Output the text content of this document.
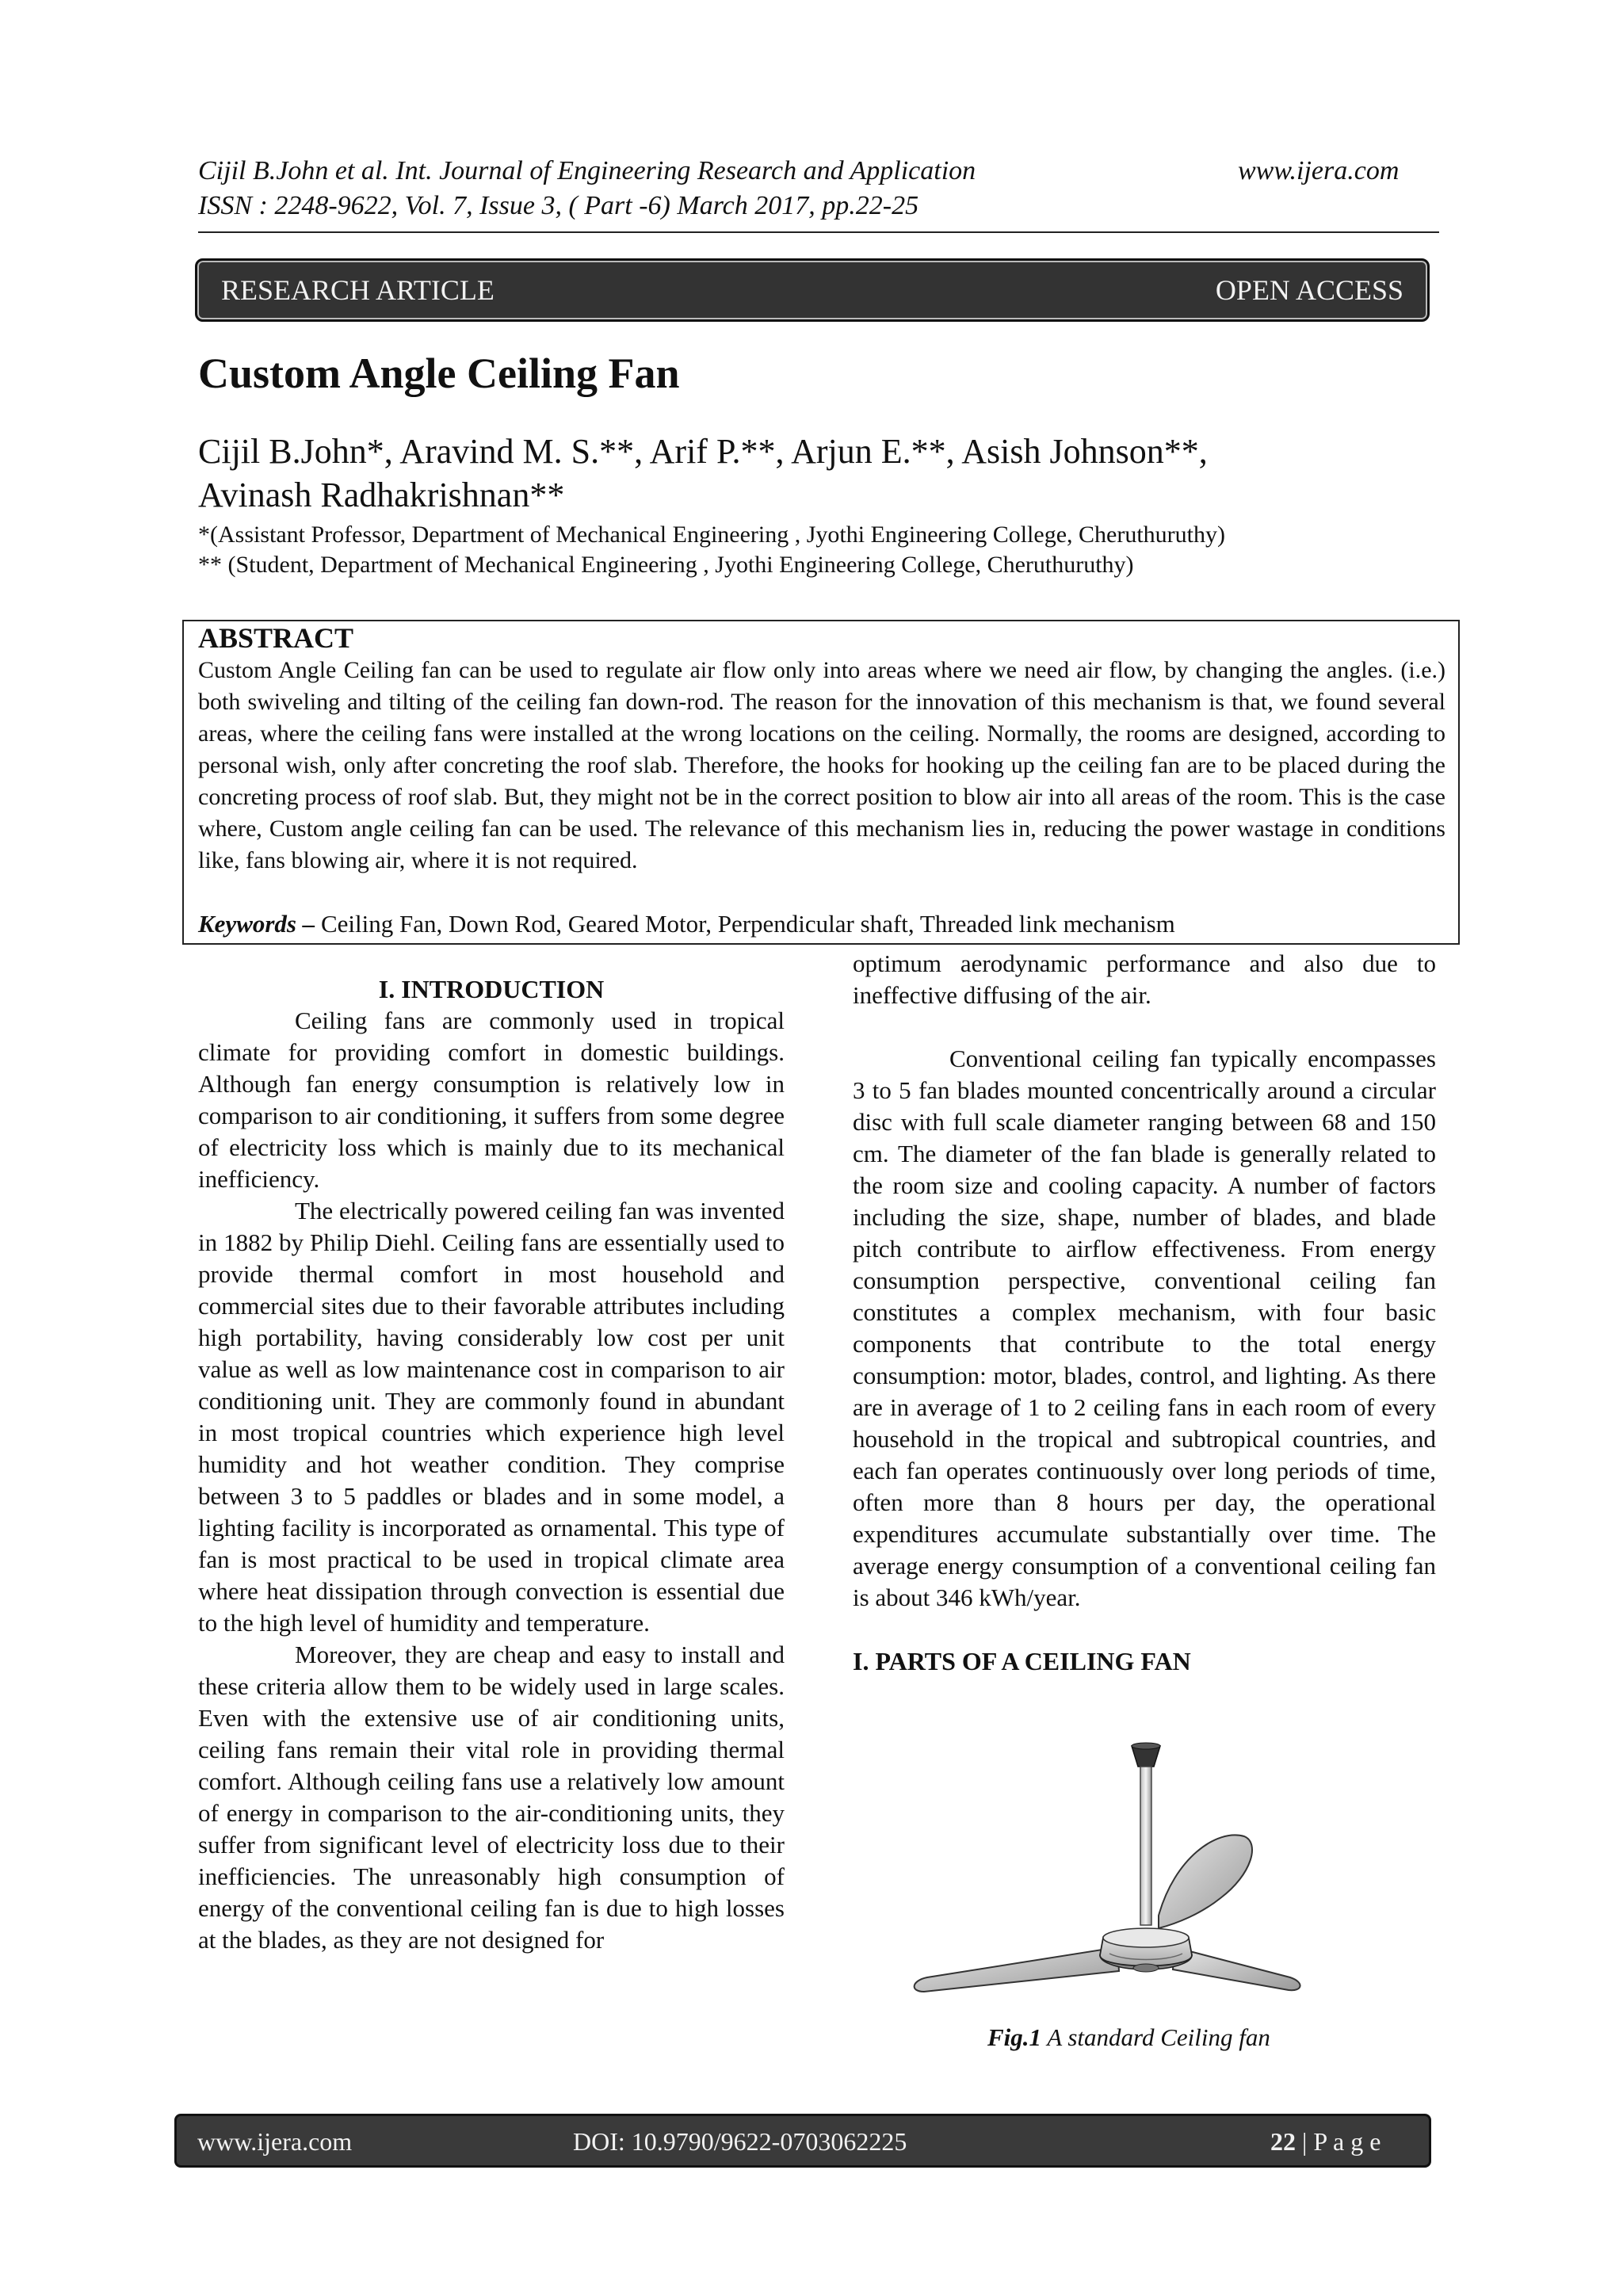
Cijil B.John et al. Int. Journal of Engineering Research and Application	www.ijera.com
ISSN : 2248-9622, Vol. 7, Issue 3, ( Part -6) March 2017, pp.22-25
RESEARCH ARTICLE	OPEN ACCESS
Custom Angle Ceiling Fan
Cijil B.John*, Aravind M. S.**, Arif P.**, Arjun E.**, Asish Johnson**,
Avinash Radhakrishnan**
*(Assistant Professor, Department of Mechanical Engineering , Jyothi Engineering College, Cheruthuruthy)
** (Student, Department of Mechanical Engineering , Jyothi Engineering College, Cheruthuruthy)
ABSTRACT
Custom Angle Ceiling fan can be used to regulate air flow only into areas where we need air flow, by changing the angles. (i.e.) both swiveling and tilting of the ceiling fan down-rod. The reason for the innovation of this mechanism is that, we found several areas, where the ceiling fans were installed at the wrong locations on the ceiling. Normally, the rooms are designed, according to personal wish, only after concreting the roof slab. Therefore, the hooks for hooking up the ceiling fan are to be placed during the concreting process of roof slab. But, they might not be in the correct position to blow air into all areas of the room. This is the case where, Custom angle ceiling fan can be used. The relevance of this mechanism lies in, reducing the power wastage in conditions like, fans blowing air, where it is not required.
Keywords – Ceiling Fan, Down Rod, Geared Motor, Perpendicular shaft, Threaded link mechanism

I. INTRODUCTION

Ceiling fans are commonly used in tropical climate for providing comfort in domestic buildings. Although fan energy consumption is relatively low in comparison to air conditioning, it suffers from some degree of electricity loss which is mainly due to its mechanical inefficiency.

The electrically powered ceiling fan was invented in 1882 by Philip Diehl. Ceiling fans are essentially used to provide thermal comfort in most household and commercial sites due to their favorable attributes including high portability, having considerably low cost per unit value as well as low maintenance cost in comparison to air conditioning unit. They are commonly found in abundant in most tropical countries which experience high level humidity and hot weather condition. They comprise between 3 to 5 paddles or blades and in some model, a lighting facility is incorporated as ornamental. This type of fan is most practical to be used in tropical climate area where heat dissipation through convection is essential due to the high level of humidity and temperature.

Moreover, they are cheap and easy to install and these criteria allow them to be widely used in large scales. Even with the extensive use of air conditioning units, ceiling fans remain their vital role in providing thermal comfort. Although ceiling fans use a relatively low amount of energy in comparison to the air-conditioning units, they suffer from significant level of electricity loss due to their inefficiencies. The unreasonably high consumption of energy of the conventional ceiling fan is due to high losses at the blades, as they are not designed for

optimum aerodynamic performance and also due to ineffective diffusing of the air.

Conventional ceiling fan typically encompasses 3 to 5 fan blades mounted concentrically around a circular disc with full scale diameter ranging between 68 and 150 cm. The diameter of the fan blade is generally related to the room size and cooling capacity. A number of factors including the size, shape, number of blades, and blade pitch contribute to airflow effectiveness. From energy consumption perspective, conventional ceiling fan constitutes a complex mechanism, with four basic components that contribute to the total energy consumption: motor, blades, control, and lighting. As there are in average of 1 to 2 ceiling fans in each room of every household in the tropical and subtropical countries, and each fan operates continuously over long periods of time, often more than 8 hours per day, the operational expenditures accumulate substantially over time. The average energy consumption of a conventional ceiling fan is about 346 kWh/year.

I. PARTS OF A CEILING FAN

Fig.1 A standard Ceiling fan
www.ijera.com	DOI: 10.9790/9622-0703062225	22 | P a g e
